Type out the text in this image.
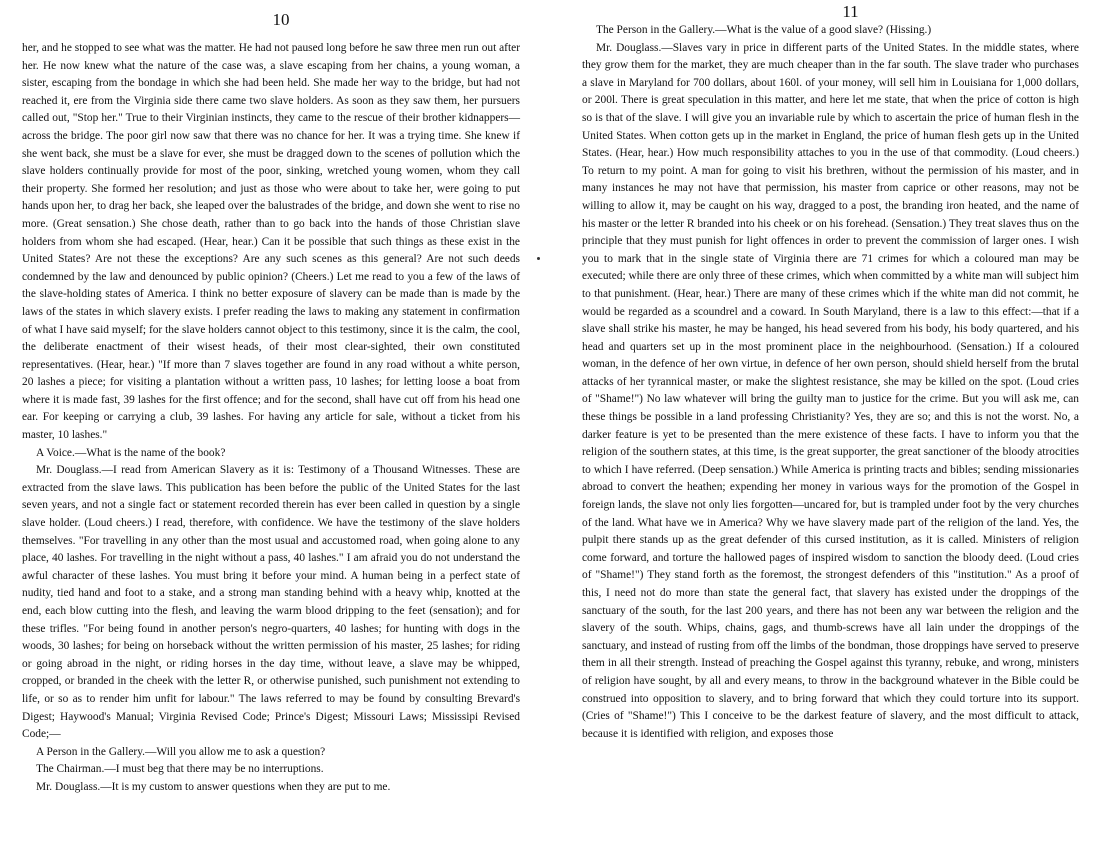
10

her, and he stopped to see what was the matter. He had not paused long before he saw three men run out after her. He now knew what the nature of the case was, a slave escaping from her chains, a young woman, a sister, escaping from the bondage in which she had been held. She made her way to the bridge, but had not reached it, ere from the Virginia side there came two slave holders. As soon as they saw them, her pursuers called out, "Stop her." True to their Virginian instincts, they came to the rescue of their brother kidnappers—across the bridge. The poor girl now saw that there was no chance for her. It was a trying time. She knew if she went back, she must be a slave for ever, she must be dragged down to the scenes of pollution which the slave holders continually provide for most of the poor, sinking, wretched young women, whom they call their property. She formed her resolution; and just as those who were about to take her, were going to put hands upon her, to drag her back, she leaped over the balustrades of the bridge, and down she went to rise no more. (Great sensation.) She chose death, rather than to go back into the hands of those Christian slave holders from whom she had escaped. (Hear, hear.) Can it be possible that such things as these exist in the United States? Are not these the exceptions? Are any such scenes as this general? Are not such deeds condemned by the law and denounced by public opinion? (Cheers.) Let me read to you a few of the laws of the slave-holding states of America. I think no better exposure of slavery can be made than is made by the laws of the states in which slavery exists. I prefer reading the laws to making any statement in confirmation of what I have said myself; for the slave holders cannot object to this testimony, since it is the calm, the cool, the deliberate enactment of their wisest heads, of their most clear-sighted, their own constituted representatives. (Hear, hear.) "If more than 7 slaves together are found in any road without a white person, 20 lashes a piece; for visiting a plantation without a written pass, 10 lashes; for letting loose a boat from where it is made fast, 39 lashes for the first offence; and for the second, shall have cut off from his head one ear. For keeping or carrying a club, 39 lashes. For having any article for sale, without a ticket from his master, 10 lashes."

A Voice.—What is the name of the book?

Mr. Douglass.—I read from American Slavery as it is: Testimony of a Thousand Witnesses. These are extracted from the slave laws. This publication has been before the public of the United States for the last seven years, and not a single fact or statement recorded therein has ever been called in question by a single slave holder. (Loud cheers.) I read, therefore, with confidence. We have the testimony of the slave holders themselves. "For travelling in any other than the most usual and accustomed road, when going alone to any place, 40 lashes. For travelling in the night without a pass, 40 lashes." I am afraid you do not understand the awful character of these lashes. You must bring it before your mind. A human being in a perfect state of nudity, tied hand and foot to a stake, and a strong man standing behind with a heavy whip, knotted at the end, each blow cutting into the flesh, and leaving the warm blood dripping to the feet (sensation); and for these trifles. "For being found in another person's negro-quarters, 40 lashes; for hunting with dogs in the woods, 30 lashes; for being on horseback without the written permission of his master, 25 lashes; for riding or going abroad in the night, or riding horses in the day time, without leave, a slave may be whipped, cropped, or branded in the cheek with the letter R, or otherwise punished, such punishment not extending to life, or so as to render him unfit for labour." The laws referred to may be found by consulting Brevard's Digest; Haywood's Manual; Virginia Revised Code; Prince's Digest; Missouri Laws; Mississipi Revised Code;—

A Person in the Gallery.—Will you allow me to ask a question?

The Chairman.—I must beg that there may be no interruptions.

Mr. Douglass.—It is my custom to answer questions when they are put to me.

11

The Person in the Gallery.—What is the value of a good slave? (Hissing.)

Mr. Douglass.—Slaves vary in price in different parts of the United States. In the middle states, where they grow them for the market, they are much cheaper than in the far south. The slave trader who purchases a slave in Maryland for 700 dollars, about 160l. of your money, will sell him in Louisiana for 1,000 dollars, or 200l. There is great speculation in this matter, and here let me state, that when the price of cotton is high so is that of the slave. I will give you an invariable rule by which to ascertain the price of human flesh in the United States. When cotton gets up in the market in England, the price of human flesh gets up in the United States. (Hear, hear.) How much responsibility attaches to you in the use of that commodity. (Loud cheers.) To return to my point. A man for going to visit his brethren, without the permission of his master, and in many instances he may not have that permission, his master from caprice or other reasons, may not be willing to allow it, may be caught on his way, dragged to a post, the branding iron heated, and the name of his master or the letter R branded into his cheek or on his forehead. (Sensation.) They treat slaves thus on the principle that they must punish for light offences in order to prevent the commission of larger ones. I wish you to mark that in the single state of Virginia there are 71 crimes for which a coloured man may be executed; while there are only three of these crimes, which when committed by a white man will subject him to that punishment. (Hear, hear.) There are many of these crimes which if the white man did not commit, he would be regarded as a scoundrel and a coward. In South Maryland, there is a law to this effect:—that if a slave shall strike his master, he may be hanged, his head severed from his body, his body quartered, and his head and quarters set up in the most prominent place in the neighbourhood. (Sensation.) If a coloured woman, in the defence of her own virtue, in defence of her own person, should shield herself from the brutal attacks of her tyrannical master, or make the slightest resistance, she may be killed on the spot. (Loud cries of "Shame!") No law whatever will bring the guilty man to justice for the crime. But you will ask me, can these things be possible in a land professing Christianity? Yes, they are so; and this is not the worst. No, a darker feature is yet to be presented than the mere existence of these facts. I have to inform you that the religion of the southern states, at this time, is the great supporter, the great sanctioner of the bloody atrocities to which I have referred. (Deep sensation.) While America is printing tracts and bibles; sending missionaries abroad to convert the heathen; expending her money in various ways for the promotion of the Gospel in foreign lands, the slave not only lies forgotten—uncared for, but is trampled under foot by the very churches of the land. What have we in America? Why we have slavery made part of the religion of the land. Yes, the pulpit there stands up as the great defender of this cursed institution, as it is called. Ministers of religion come forward, and torture the hallowed pages of inspired wisdom to sanction the bloody deed. (Loud cries of "Shame!") They stand forth as the foremost, the strongest defenders of this "institution." As a proof of this, I need not do more than state the general fact, that slavery has existed under the droppings of the sanctuary of the south, for the last 200 years, and there has not been any war between the religion and the slavery of the south. Whips, chains, gags, and thumb-screws have all lain under the droppings of the sanctuary, and instead of rusting from off the limbs of the bondman, those droppings have served to preserve them in all their strength. Instead of preaching the Gospel against this tyranny, rebuke, and wrong, ministers of religion have sought, by all and every means, to throw in the background whatever in the Bible could be construed into opposition to slavery, and to bring forward that which they could torture into its support. (Cries of "Shame!") This I conceive to be the darkest feature of slavery, and the most difficult to attack, because it is identified with religion, and exposes those
